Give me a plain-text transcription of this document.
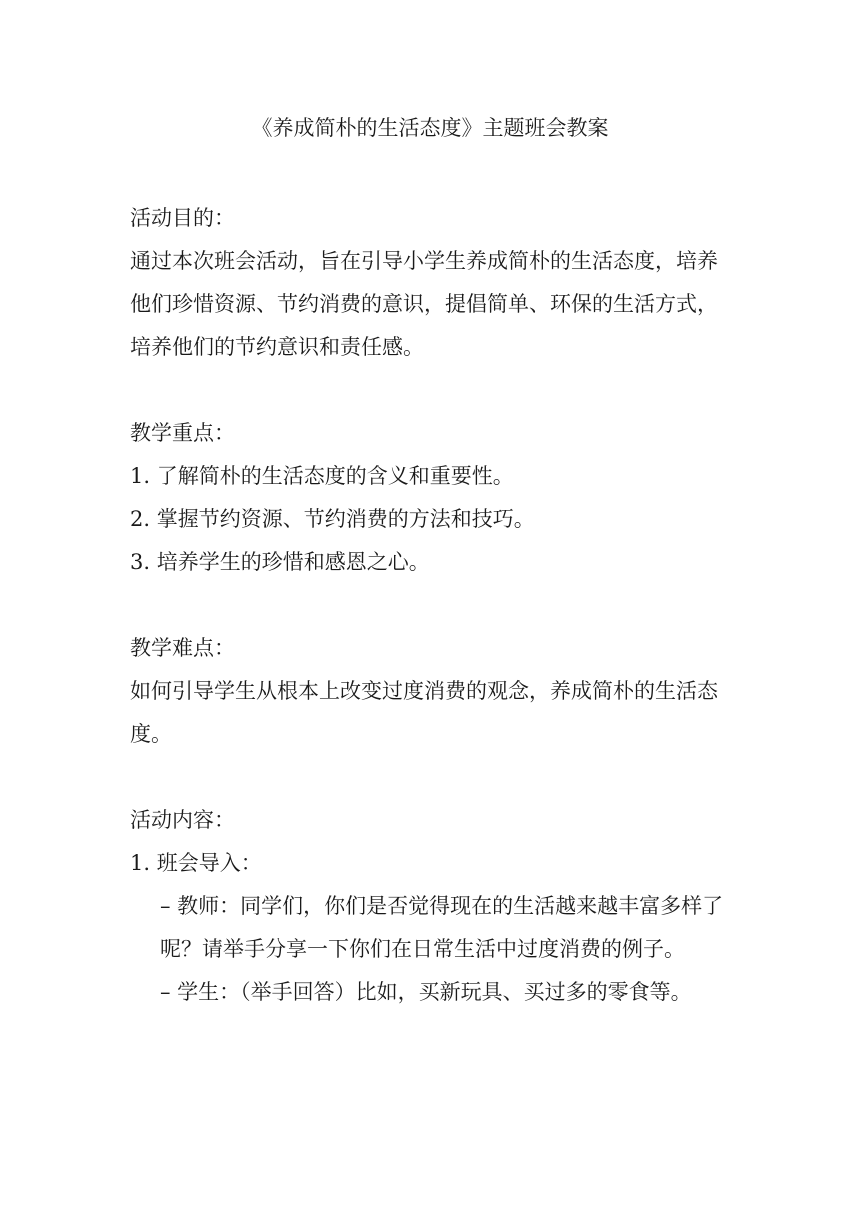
《养成简朴的生活态度》主题班会教案

活动目的：

通过本次班会活动，旨在引导小学生养成简朴的生活态度，培养他们珍惜资源、节约消费的意识，提倡简单、环保的生活方式，培养他们的节约意识和责任感。

教学重点：

1. 了解简朴的生活态度的含义和重要性。

2. 掌握节约资源、节约消费的方法和技巧。

3. 培养学生的珍惜和感恩之心。

教学难点：

如何引导学生从根本上改变过度消费的观念，养成简朴的生活态度。

活动内容：

1. 班会导入：

– 教师：同学们，你们是否觉得现在的生活越来越丰富多样了呢？请举手分享一下你们在日常生活中过度消费的例子。

– 学生：（举手回答）比如，买新玩具、买过多的零食等。
